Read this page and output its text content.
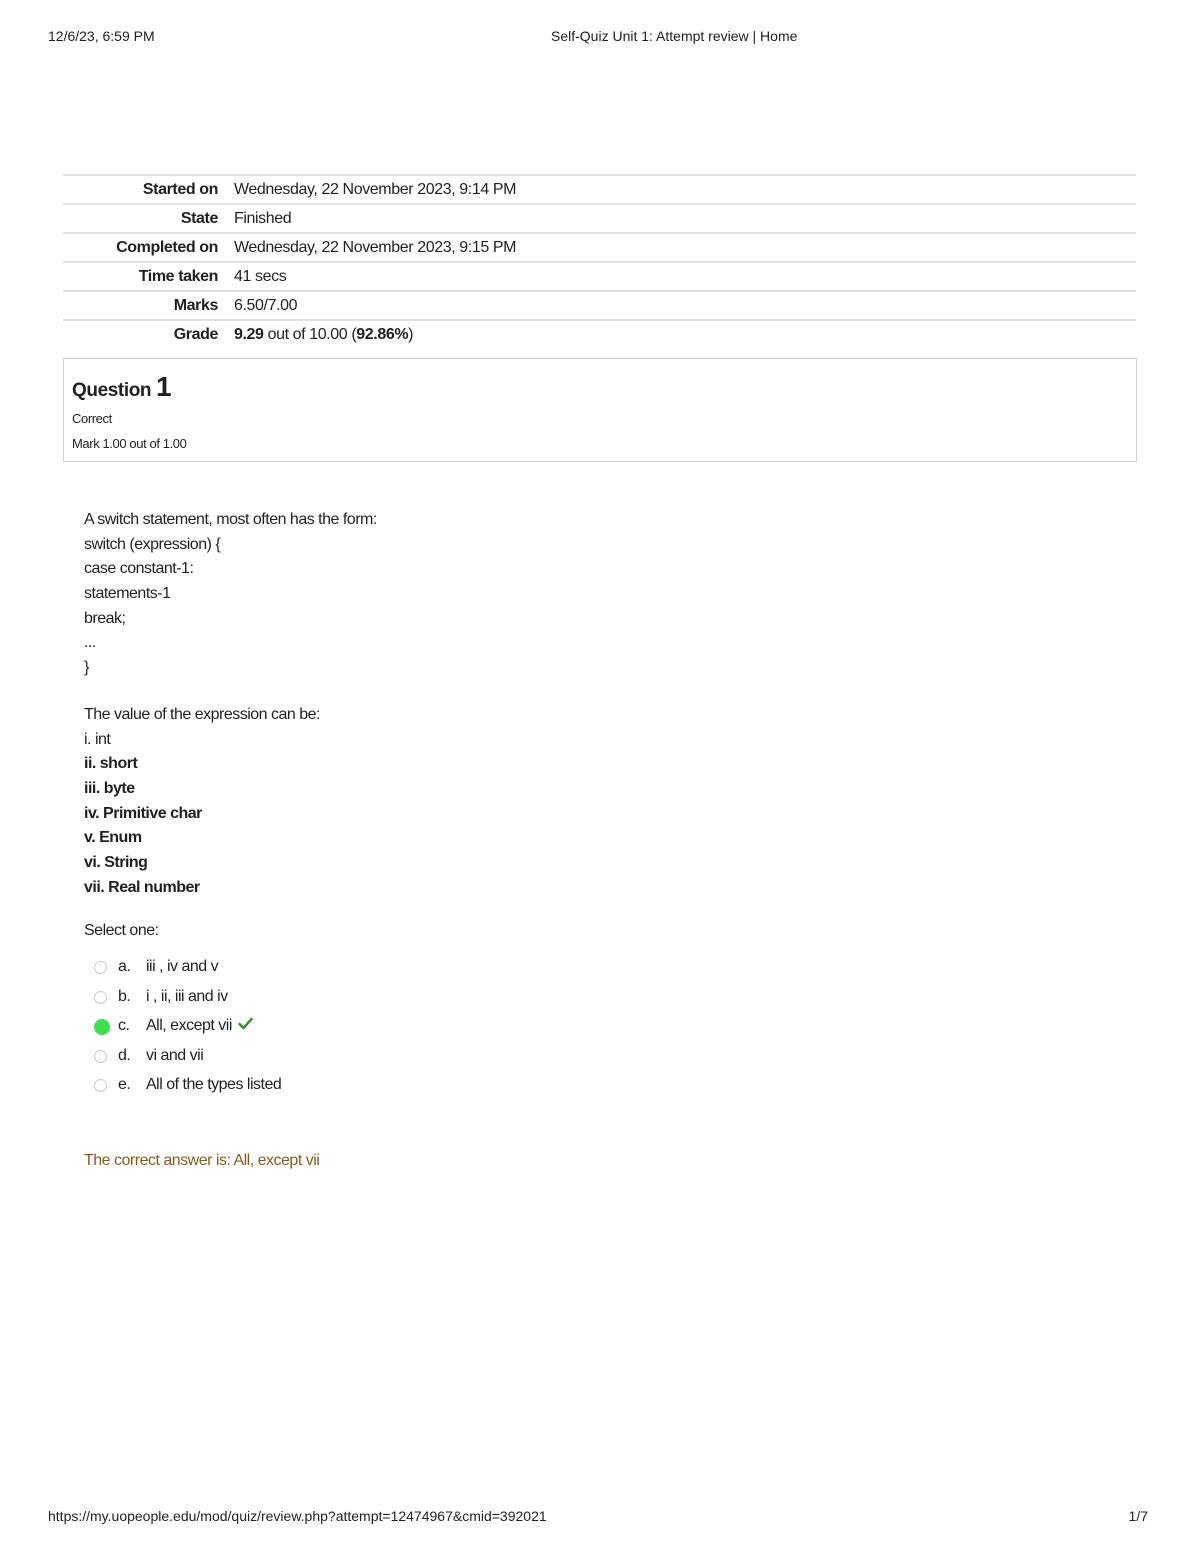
12/6/23, 6:59 PM	Self-Quiz Unit 1: Attempt review | Home
Started on	Wednesday, 22 November 2023, 9:14 PM
State	Finished
Completed on	Wednesday, 22 November 2023, 9:15 PM
Time taken	41 secs
Marks	6.50/7.00
Grade	9.29 out of 10.00 (92.86%)
Question 1
Correct
Mark 1.00 out of 1.00
A switch statement, most often has the form:
switch (expression) {
case constant-1:
statements-1
break;
...
}
The value of the expression can be:
i. int
ii. short
iii. byte
iv. Primitive char
v. Enum
vi. String
vii. Real number
Select one:
a. iii , iv and v
b. i , ii, iii and iv
c. All, except vii
d. vi and vii
e. All of the types listed
The correct answer is: All, except vii
https://my.uopeople.edu/mod/quiz/review.php?attempt=12474967&cmid=392021	1/7
